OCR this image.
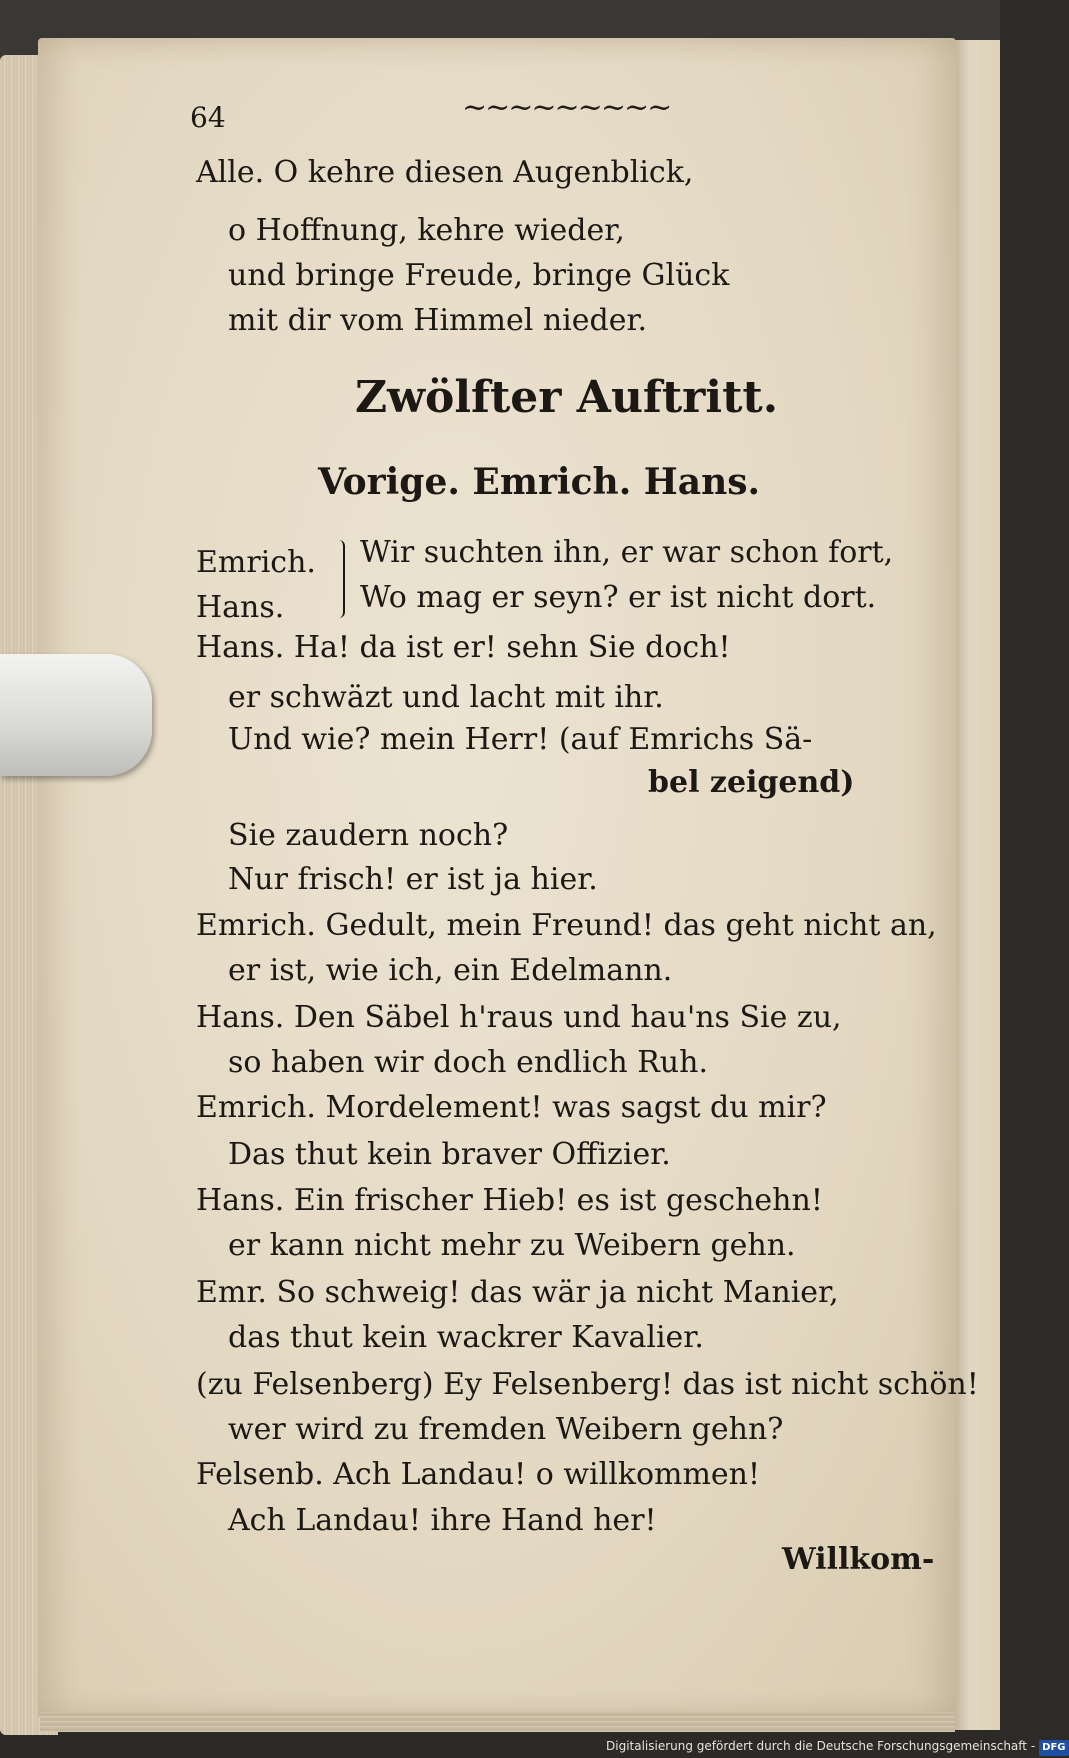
64	~~~~~~~~~
Alle. O kehre diesen Augenblick,
o Hoffnung, kehre wieder,
und bringe Freude, bringe Glück
mit dir vom Himmel nieder.
Zwölfter Auftritt.
Vorige. Emrich. Hans.
Emrich.
Hans.
Wir suchten ihn, er war schon fort,
Wo mag er seyn? er ist nicht dort.
Hans. Ha! da ist er! sehn Sie doch!
er schwäzt und lacht mit ihr.
Und wie? mein Herr! (auf Emrichs Sä-
bel zeigend)
Sie zaudern noch?
Nur frisch! er ist ja hier.
Emrich. Gedult, mein Freund! das geht nicht an,
er ist, wie ich, ein Edelmann.
Hans. Den Säbel h'raus und hau'ns Sie zu,
so haben wir doch endlich Ruh.
Emrich. Mordelement! was sagst du mir?
Das thut kein braver Offizier.
Hans. Ein frischer Hieb! es ist geschehn!
er kann nicht mehr zu Weibern gehn.
Emr. So schweig! das wär ja nicht Manier,
das thut kein wackrer Kavalier.
(zu Felsenberg) Ey Felsenberg! das ist nicht schön!
wer wird zu fremden Weibern gehn?
Felsenb. Ach Landau! o willkommen!
Ach Landau! ihre Hand her!
Willkom-
Digitalisierung gefördert durch die Deutsche Forschungsgemeinschaft - DFG
